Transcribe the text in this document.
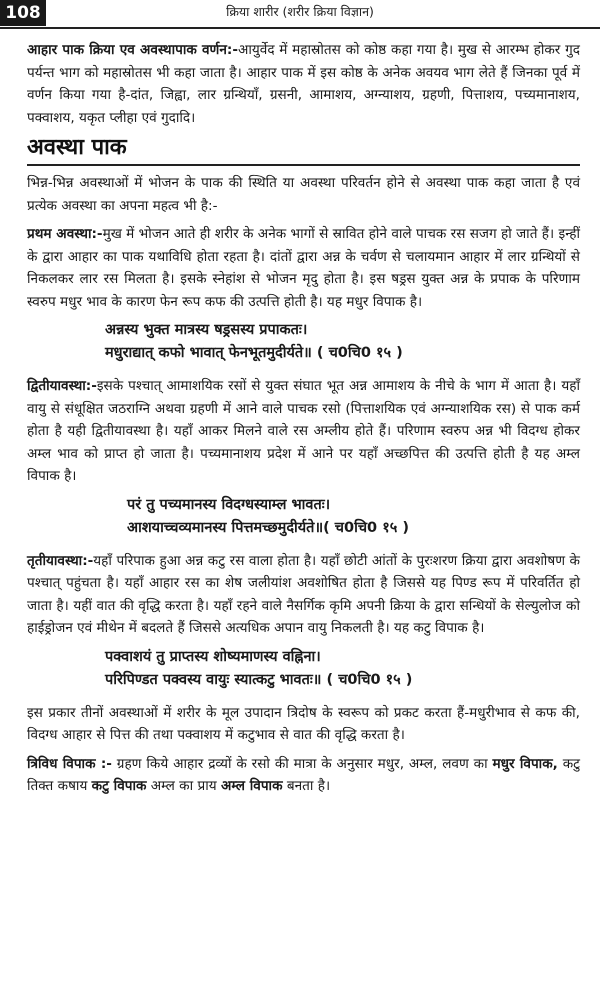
108	क्रिया शारीर (शरीर क्रिया विज्ञान)

आहार पाक क्रिया एव अवस्थापाक वर्णन:-आयुर्वेद में महास्रोतस को कोष्ठ कहा गया है। मुख से आरम्भ होकर गुद पर्यन्त भाग को महास्रोतस भी कहा जाता है। आहार पाक में इस कोष्ठ के अनेक अवयव भाग लेते हैं जिनका पूर्व में वर्णन किया गया है-दांत, जिह्वा, लार ग्रन्थियाँ, ग्रसनी, आमाशय, अग्न्याशय, ग्रहणी, पित्ताशय, पच्यमानाशय, पक्वाशय, यकृत प्लीहा एवं गुदादि।

अवस्था पाक

भिन्न-भिन्न अवस्थाओं में भोजन के पाक की स्थिति या अवस्था परिवर्तन होने से अवस्था पाक कहा जाता है एवं प्रत्येक अवस्था का अपना महत्व भी है:-

प्रथम अवस्था:-मुख में भोजन आते ही शरीर के अनेक भागों से स्रावित होने वाले पाचक रस सजग हो जाते हैं। इन्हीं के द्वारा आहार का पाक यथाविधि होता रहता है। दांतों द्वारा अन्न के चर्वण से चलायमान आहार में लार ग्रन्थियों से निकलकर लार रस मिलता है। इसके स्नेहांश से भोजन मृदु होता है। इस षड्रस युक्त अन्न के प्रपाक के परिणाम स्वरुप मधुर भाव के कारण फेन रूप कफ की उत्पत्ति होती है। यह मधुर विपाक है।

अन्नस्य भुक्त मात्रस्य षड्रसस्य प्रपाकतः।
मधुराद्यात् कफो भावात् फेनभूतमुदीर्यते॥ ( च0चि0 १५ )

द्वितीयावस्था:-इसके पश्चात् आमाशयिक रसों से युक्त संघात भूत अन्न आमाशय के नीचे के भाग में आता है। यहाँ वायु से संधूक्षित जठराग्नि अथवा ग्रहणी में आने वाले पाचक रसो (पित्ताशयिक एवं अग्न्याशयिक रस) से पाक कर्म होता है यही द्वितीयावस्था है। यहाँ आकर मिलने वाले रस अम्लीय होते हैं। परिणाम स्वरुप अन्न भी विदग्ध होकर अम्ल भाव को प्राप्त हो जाता है। पच्यमानाशय प्रदेश में आने पर यहाँ अच्छपित्त की उत्पत्ति होती है यह अम्ल विपाक है।

परं तु पच्यमानस्य विदग्धस्याम्ल भावतः।
आशयाच्चव्यमानस्य पित्तमच्छमुदीर्यते॥( च0चि0 १५ )

तृतीयावस्था:-यहाँ परिपाक हुआ अन्न कटु रस वाला होता है। यहाँ छोटी आंतों के पुरःशरण क्रिया द्वारा अवशोषण के पश्चात् पहुंचता है। यहाँ आहार रस का शेष जलीयांश अवशोषित होता है जिससे यह पिण्ड रूप में परिवर्तित हो जाता है। यहीं वात की वृद्धि करता है। यहाँ रहने वाले नैसर्गिक कृमि अपनी क्रिया के द्वारा सन्धियों के सेल्युलोज को हाईड्रोजन एवं मीथेन में बदलते हैं जिससे अत्यधिक अपान वायु निकलती है। यह कटु विपाक है।

पक्वाशयं तु प्राप्तस्य शोष्यमाणस्य वह्निना।
परिपिण्डत पक्वस्य वायुः स्यात्कटु भावतः॥ ( च0चि0 १५ )

इस प्रकार तीनों अवस्थाओं में शरीर के मूल उपादान त्रिदोष के स्वरूप को प्रकट करता हैं-मधुरीभाव से कफ की, विदग्ध आहार से पित्त की तथा पक्वाशय में कटुभाव से वात की वृद्धि करता है।

त्रिविध विपाक :- ग्रहण किये आहार द्रव्यों के रसो की मात्रा के अनुसार मधुर, अम्ल, लवण का मधुर विपाक, कटु तिक्त कषाय कटु विपाक अम्ल का प्राय अम्ल विपाक बनता है।
